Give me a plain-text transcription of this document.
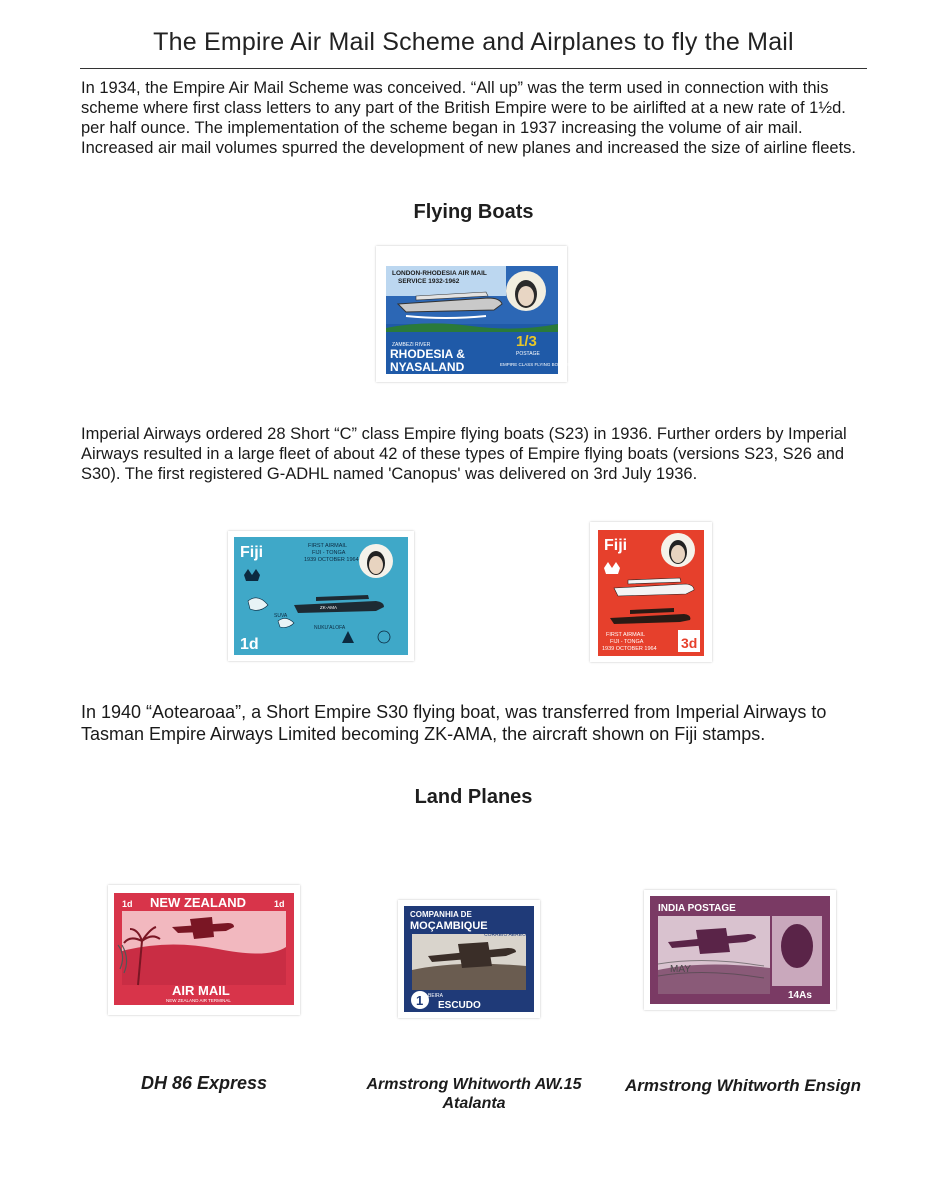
The Empire Air Mail Scheme and Airplanes to fly the Mail
In 1934, the Empire Air Mail Scheme was conceived. “All up” was the term used in connection with this scheme where first class letters to any part of the British Empire were to be airlifted at a new rate of 1½d. per half ounce. The implementation of the scheme began in 1937 increasing the volume of air mail. Increased air mail volumes spurred the development of new planes and increased the size of airline fleets.
Flying Boats
LONDON-RHODESIA AIR MAIL
SERVICE 1932-1962
ZAMBEZI RIVER
RHODESIA &
NYASALAND
1/3
POSTAGE
EMPIRE CLASS FLYING BOAT 1937
Imperial Airways ordered 28 Short “C” class Empire flying boats (S23) in 1936. Further orders by Imperial Airways resulted in a large fleet of about 42 of these types of Empire flying boats (versions S23, S26 and S30). The first registered G-ADHL named 'Canopus' was delivered on 3rd July 1936.
Fiji	FIRST AIRMAIL
FIJI - TONGA
1939 OCTOBER 1964
ZK-AMA
SUVA
NUKU'ALOFA
1d
Fiji
FIRST AIRMAIL
FIJI - TONGA
1939 OCTOBER 1964 3d
In 1940 “Aotearoaa”, a Short Empire S30 flying boat, was transferred from Imperial Airways to Tasman Empire Airways Limited becoming ZK-AMA, the aircraft shown on Fiji stamps.
Land Planes
1d NEW ZEALAND	1d
AIR MAIL
NEW ZEALAND AIR TERMINAL
COMPANHIA DE
MOÇAMBIQUE
CORREIO AEREO
BEIRA
1 ESCUDO
INDIA POSTAGE
14As
MAY
DH 86 Express	Armstrong Whitworth AW.15 Atalanta
Armstrong Whitworth Ensign
